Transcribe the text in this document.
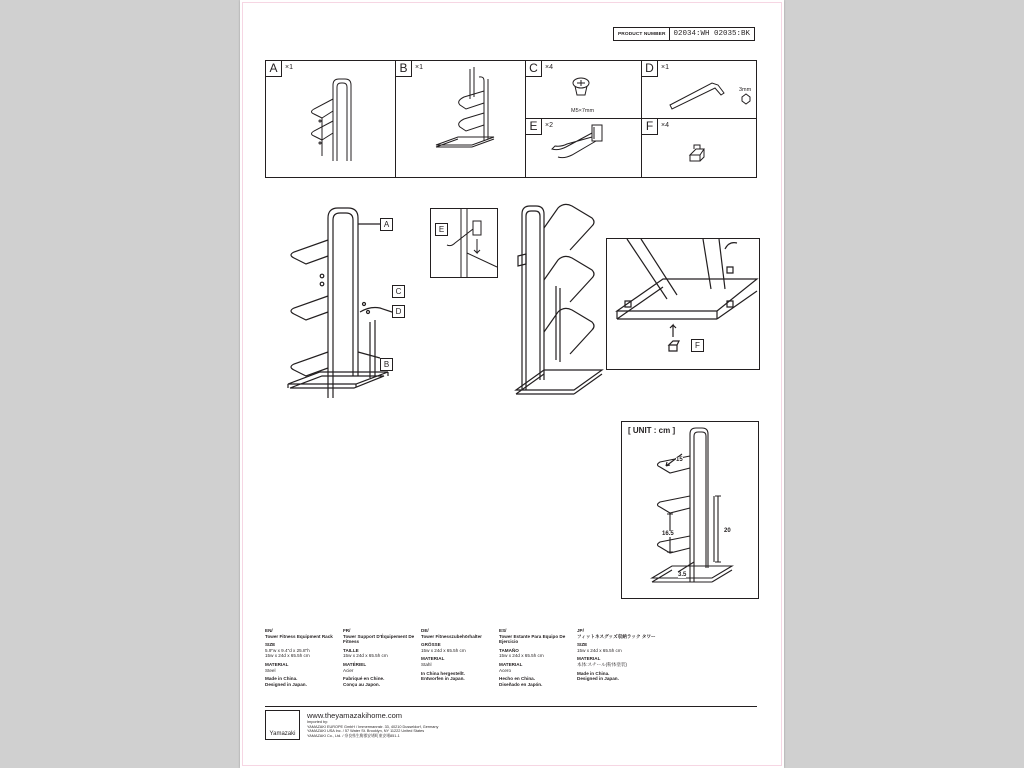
PRODUCT NUMBER	02034:WH 02035:BK
A	×1	B	×1	C	×4
M5×7mm
D	×1
3mm
E	×2	F	×4
A
C
D
B
E
F
[ UNIT : cm ]
15
16.5	20
3.5
EN/
Tower Fitness Equipment Rack
SIZE
5.9"w x 9.4"d x 25.8"h
15w x 24d x 65.5h cm
MATERIAL
Steel
Made in China.
Designed in Japan.
FR/
Tower Support D'Équipement De Fitness
TAILLE
15w x 24d x 65.5h cm
MATÉRIEL
Acier
Fabriqué en Chine.
Conçu au Japon.
DE/
Tower Fitnesszubehörhalter
GRÖSSE
15w x 24d x 65.5h cm
MATERIAL
Stahl
In China hergestellt.
Entworfen in Japan.
ES/
Tower Estante Para Equipo De Ejercicio
TAMAÑO
15w x 24d x 65.5h cm
MATERIAL
Acero
Hecho en China.
Diseñado en Japón.
JP/
フィットネスグッズ収納ラック タワー
SIZE
15w x 24d x 65.5h cm
MATERIAL
本体:スチール(粉体塗装)
Made in China.
Designed in Japan.
Yamazaki
www.theyamazakihome.com
Imported by:
YAMAZAKI EUROPE GmbH / Immermannstr. 33, 40210 Dusseldorf, Germany
YAMAZAKI USA Inc. / 57 Water St. Brooklyn, NY 11222 United States
YAMAZAKI Co., Ltd. / 奈良県生駒郡安堵町東安堵851-1
